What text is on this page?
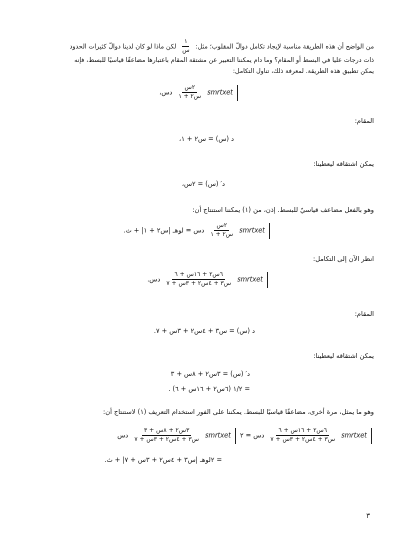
من الواضح أن هذه الطريقة مناسبة لإيجاد تكامل دوالّ المقلوب؛ مثل:
$\frac{١}{\text{س}}$
لكن ماذا لو كان لدينا دوالّ كثيرات الحدود
ذات درجات عليا في البسط أو المقام؟ وما دام يمكننا التعبير عن مشتقة المقام باعتبارها مضاعفًا قياسيًا للبسط، فإنه
يمكن تطبيق هذه الطريقة. لمعرفة ذلك، تناول التكامل:
smrtxet
$\frac{\text{٢س}}{\text{س٢ + ١}}$
دس،
المقام:
د (س) = س٢ + ١،
يمكن اشتقاقه ليعطينا:
د′ (س) = ٢س،
وهو بالفعل مضاعف قياسيّ للبسط. إذن، من (١) يمكننا استنتاج أن:
smrtxet
$\frac{\text{٢س}}{\text{س٢ + ١}}$
دس = لوهـ |س٢ + ١| + ث.
انظر الآن إلى التكامل:
smrtxet
$\frac{\text{٦س٢ + ١٦س + ٦}}{\text{س٣ + ٤س٢ + ٣س + ٧}}$
دس.
المقام:
د (س) = س٣ + ٤س٢ + ٣س + ٧.
يمكن اشتقاقه ليعطينا:
د′ (س) = ٣س٢ + ٨س + ٣
= ١/٢ (٦س٢ + ١٦س + ٦) .
وهو ما يمثل، مرة أخرى، مضاعفًا قياسيًا للبسط. يمكننا على الفور استخدام التعريف (١) لاستنتاج أن:
smrtxet
$\frac{\text{٦س٢ + ١٦س + ٦}}{\text{س٣ + ٤س٢ + ٣س + ٧}}$
دس = ٢  smrtxet
$\frac{\text{٣س٢ + ٨س + ٣}}{\text{س٣ + ٤س٢ + ٣س + ٧}}$
دس
= ٢لوهـ |س٣ + ٤س٢ + ٣س + ٧| + ث.
٣
